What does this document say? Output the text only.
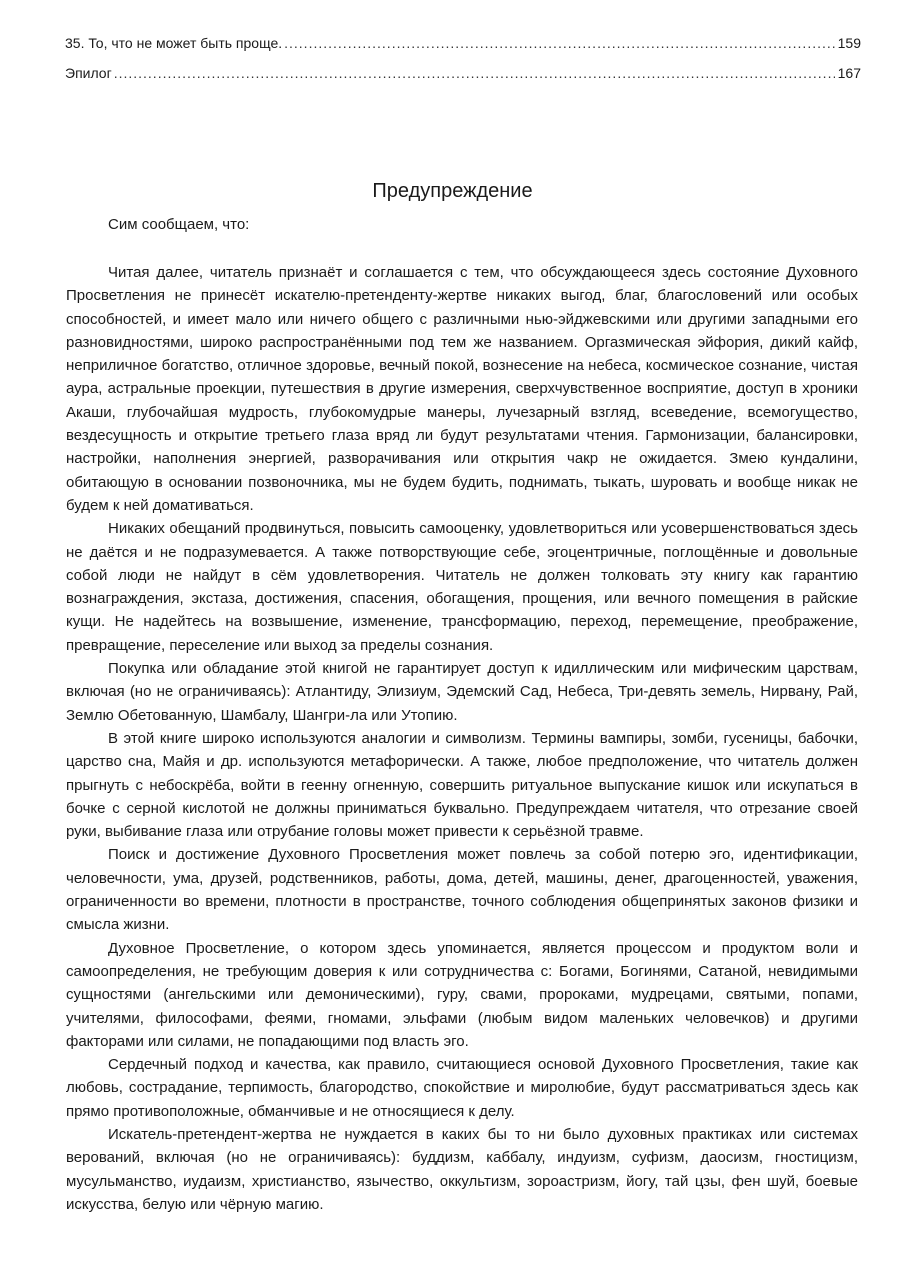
35. То, что не может быть проще. .....	159
Эпилог .....	167
Предупреждение

Сим сообщаем, что:

Читая далее, читатель признаёт и соглашается с тем, что обсуждающееся здесь состояние Духовного Просветления не принесёт искателю-претенденту-жертве никаких выгод, благ, благословений или особых способностей, и имеет мало или ничего общего с различными нью-эйджевскими или другими западными его разновидностями, широко распространёнными под тем же названием. Оргазмическая эйфория, дикий кайф, неприличное богатство, отличное здоровье, вечный покой, вознесение на небеса, космическое сознание, чистая аура, астральные проекции, путешествия в другие измерения, сверхчувственное восприятие, доступ в хроники Акаши, глубочайшая мудрость, глубокомудрые манеры, лучезарный взгляд, всеведение, всемогущество, вездесущность и открытие третьего глаза вряд ли будут результатами чтения. Гармонизации, балансировки, настройки, наполнения энергией, разворачивания или открытия чакр не ожидается. Змею кундалини, обитающую в основании позвоночника, мы не будем будить, поднимать, тыкать, шуровать и вообще никак не будем к ней домативаться.

Никаких обещаний продвинуться, повысить самооценку, удовлетвориться или усовершенствоваться здесь не даётся и не подразумевается. А также потворствующие себе, эгоцентричные, поглощённые и довольные собой люди не найдут в сём удовлетворения. Читатель не должен толковать эту книгу как гарантию вознаграждения, экстаза, достижения, спасения, обогащения, прощения, или вечного помещения в райские кущи. Не надейтесь на возвышение, изменение, трансформацию, переход, перемещение, преображение, превращение, переселение или выход за пределы сознания.

Покупка или обладание этой книгой не гарантирует доступ к идиллическим или мифическим царствам, включая (но не ограничиваясь): Атлантиду, Элизиум, Эдемский Сад, Небеса, Три-девять земель, Нирвану, Рай, Землю Обетованную, Шамбалу, Шангри-ла или Утопию.

В этой книге широко используются аналогии и символизм. Термины вампиры, зомби, гусеницы, бабочки, царство сна, Майя и др. используются метафорически. А также, любое предположение, что читатель должен прыгнуть с небоскрёба, войти в геенну огненную, совершить ритуальное выпускание кишок или искупаться в бочке с серной кислотой не должны приниматься буквально. Предупреждаем читателя, что отрезание своей руки, выбивание глаза или отрубание головы может привести к серьёзной травме.

Поиск и достижение Духовного Просветления может повлечь за собой потерю эго, идентификации, человечности, ума, друзей, родственников, работы, дома, детей, машины, денег, драгоценностей, уважения, ограниченности во времени, плотности в пространстве, точного соблюдения общепринятых законов физики и смысла жизни.

Духовное Просветление, о котором здесь упоминается, является процессом и продуктом воли и самоопределения, не требующим доверия к или сотрудничества с: Богами, Богинями, Сатаной, невидимыми сущностями (ангельскими или демоническими), гуру, свами, пророками, мудрецами, святыми, попами, учителями, философами, феями, гномами, эльфами (любым видом маленьких человечков) и другими факторами или силами, не попадающими под власть эго.

Сердечный подход и качества, как правило, считающиеся основой Духовного Просветления, такие как любовь, сострадание, терпимость, благородство, спокойствие и миролюбие, будут рассматриваться здесь как прямо противоположные, обманчивые и не относящиеся к делу.

Искатель-претендент-жертва не нуждается в каких бы то ни было духовных практиках или системах верований, включая (но не ограничиваясь): буддизм, каббалу, индуизм, суфизм, даосизм, гностицизм, мусульманство, иудаизм, христианство, язычество, оккультизм, зороастризм, йогу, тай цзы, фен шуй, боевые искусства, белую или чёрную магию.
